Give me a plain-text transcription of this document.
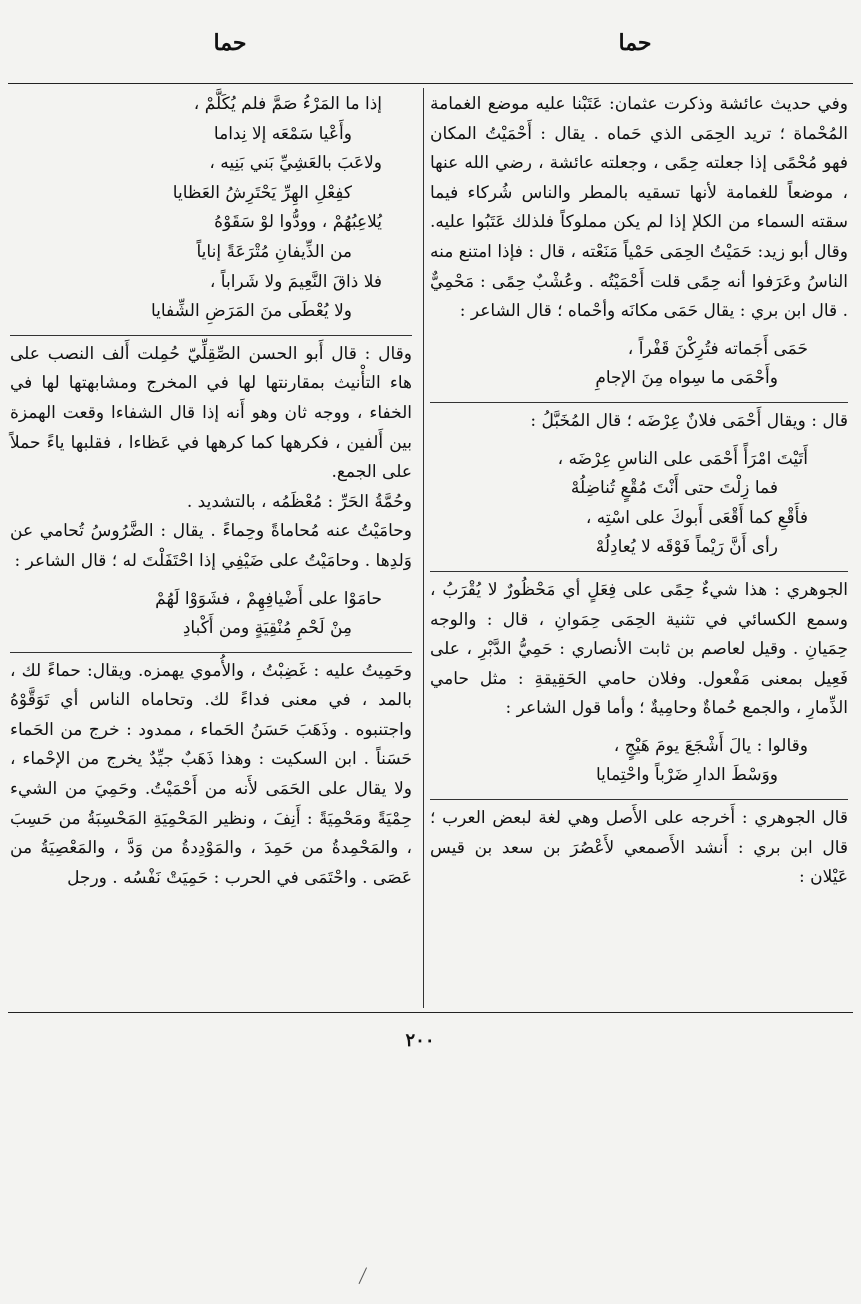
حما
حما

وفي حديث عائشة وذكرت عثمان: عَتَبْنا عليه موضع الغمامة المُحْماة ؛ تريد الحِمَى الذي حَماه . يقال : أَحْمَيْتُ المكان فهو مُحْمًى إذا جعلته حِمًى ، وجعلته عائشة ، رضي الله عنها ، موضعاً للغمامة لأنها تسقيه بالمطر والناس شُركاء فيما سقته السماء من الكلإ إذا لم يكن مملوكاً فلذلك عَتَبُوا عليه. وقال أبو زيد: حَمَيْتُ الحِمَى حَمْياً مَنَعْته ، قال : فإذا امتنع منه الناسُ وعَرَفوا أنه حِمًى قلت أَحْمَيْتُه . وعُشْبٌ حِمًى : مَحْمِيٌّ . قال ابن بري : يقال حَمَى مكانَه وأحْماه ؛ قال الشاعر :

حَمَى أَجَماته فتُرِكْنَ قَفْراً ،
وأَحْمَى ما سِواه مِنَ الإجامِ

قال : ويقال أَحْمَى فلانٌ عِرْضَه ؛ قال المُخَبَّلُ :

أَتَيْتَ امْرَأً أَحْمَى على الناسِ عِرْضَه ،
فما زِلْتَ حتى أَنْتَ مُقْعٍ تُناضِلُهْ
فأَقْعِ كما أَقْعَى أَبوكَ على اسْتِه ،
رأى أَنَّ رَيْماً فَوْقَه لا يُعادِلُهْ

الجوهري : هذا شيءٌ حِمًى على فِعَلٍ أي مَحْظُورٌ لا يُقْرَبُ ، وسمع الكسائي في تثنية الحِمَى حِمَوانِ ، قال : والوجه حِمَيانِ . وقيل لعاصم بن ثابت الأنصاري : حَمِيُّ الدَّبْرِ ، على فَعِيل بمعنى مَفْعول. وفلان حامي الحَقِيقةِ : مثل حامي الذِّمارِ ، والجمع حُماةٌ وحامِيةٌ ؛ وأما قول الشاعر :

وقالوا : يالَ أَشْجَعَ يومَ هَيْجٍ ،
ووَسْطَ الدارِ ضَرْباً واحْتِمايا

قال الجوهري : أَخرجه على الأَصل وهي لغة لبعض العرب ؛ قال ابن بري : أَنشد الأَصمعي لأَعْصُرَ بن سعد بن قيس عَيْلان :

إذا ما المَرْءُ صَمَّ فلم يُكَلَّمْ ،
وأَعْيا سَمْعَه إلا نِداما
ولاعَبَ بالعَشِيِّ بَني بَنِيه ،
كفِعْلِ الهِرِّ يَحْتَرِشُ العَظايا
يُلاعِبُهُمْ ، وودُّوا لوْ سَقَوْهُ
من الذِّيفانِ مُتْرَعَةً إناياً
فلا ذاقَ النَّعِيمَ ولا شَراباً ،
ولا يُعْطَى منَ المَرَضِ الشِّفايا

وقال : قال أَبو الحسن الصِّقِلِّيّ حُمِلت أَلف النصب على هاء التأْنيث بمقارنتها لها في المخرج ومشابهتها لها في الخفاء ، ووجه ثان وهو أَنه إذا قال الشفاءا وقعت الهمزة بين أَلفين ، فكرهها كما كرهها في عَظاءا ، فقلبها ياءً حملاً على الجمع.

وحُمَّةُ الحَرِّ : مُعْظَمُه ، بالتشديد .

وحامَيْتُ عنه مُحاماةً وحِماءً . يقال : الضَّرُوسُ تُحامي عن وَلدِها . وحامَيْتُ على ضَيْفِي إذا احْتَفَلْتَ له ؛ قال الشاعر :

حامَوْا على أَضْيافِهِمْ ، فشَوَوْا لَهُمْ
مِنْ لَحْمِ مُنْقِيَةٍ ومن أَكْبادِ

وحَمِيتُ عليه : غَضِبْتُ ، والأُموي يهمزه. ويقال: حماءً لك ، بالمد ، في معنى فداءً لك. وتحاماه الناس أي تَوَقَّوْهُ واجتنبوه . وذَهَبَ حَسَنُ الحَماء ، ممدود : خرج من الحَماء حَسَناً . ابن السكيت : وهذا ذَهَبٌ جيِّدٌ يخرج من الإحْماء ، ولا يقال على الحَمَى لأَنه من أَحْمَيْتُ. وحَمِيَ من الشيء حِمْيَةً ومَحْمِيَةً : أَنِفَ ، ونظير المَحْمِيَةِ المَحْسِبَةُ من حَسِبَ ، والمَحْمِدةُ من حَمِدَ ، والمَوْدِدةُ من وَدَّ ، والمَعْصِيَةُ من عَصَى . واحْتَمَى في الحرب : حَمِيَتْ نَفْسُه . ورجل

٢٠٠
